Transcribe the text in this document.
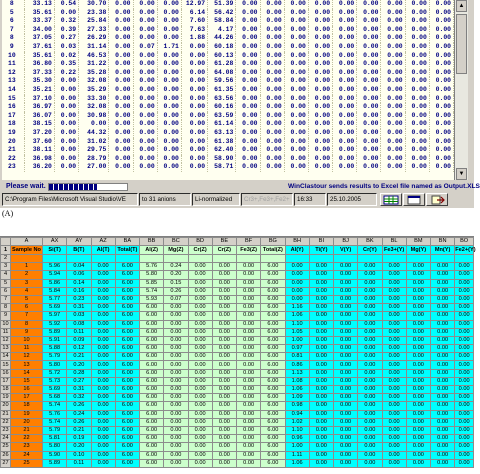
8	33.13	0.54	30.70	0.00	0.00	0.00	12.97	51.39	0.00	0.00	0.00	0.00	0.00	0.00	0.00	0.00	0.00
5	35.61	0.00	23.38	0.00	0.00	0.00	6.14	56.42	0.00	0.00	0.00	0.00	0.00	0.00	0.00	0.00	0.00
6	33.37	0.32	25.84	0.00	0.00	0.00	7.60	58.84	0.00	0.00	0.00	0.00	0.00	0.00	0.00	0.00	0.00
7	34.00	0.39	27.33	0.00	0.00	0.00	7.63	4.17	0.00	0.00	0.00	0.00	0.00	0.00	0.00	0.00	0.00
8	37.05	0.27	26.29	0.00	0.00	0.00	1.88	44.26	0.00	0.00	0.00	0.00	0.00	0.00	0.00	0.00	0.00
9	37.61	0.03	31.14	0.00	0.07	1.71	0.00	60.18	0.00	0.00	0.00	0.00	0.00	0.00	0.00	0.00	0.00
10	35.61	0.02	46.53	0.00	0.00	0.00	0.00	60.13	0.00	0.00	0.00	0.00	0.00	0.00	0.00	0.00	0.00
11	36.80	0.35	31.22	0.00	0.00	0.00	0.00	61.28	0.00	0.00	0.00	0.00	0.00	0.00	0.00	0.00	0.00
12	37.33	0.22	35.28	0.00	0.00	0.00	0.00	64.08	0.00	0.00	0.00	0.00	0.00	0.00	0.00	0.00	0.00
13	35.30	0.00	32.08	0.00	0.00	0.00	0.00	59.56	0.00	0.00	0.00	0.00	0.00	0.00	0.00	0.00	0.00
14	35.21	0.00	35.29	0.00	0.00	0.00	0.00	61.35	0.00	0.00	0.00	0.00	0.00	0.00	0.00	0.00	0.00
15	37.10	0.00	33.30	0.00	0.00	0.00	0.00	63.56	0.00	0.00	0.00	0.00	0.00	0.00	0.00	0.00	0.00
16	36.97	0.00	32.08	0.00	0.00	0.00	0.00	60.16	0.00	0.00	0.00	0.00	0.00	0.00	0.00	0.00	0.00
17	36.07	0.00	30.98	0.00	0.00	0.00	0.00	63.59	0.00	0.00	0.00	0.00	0.00	0.00	0.00	0.00	0.00
18	38.15	0.00	0.00	0.00	0.00	0.00	0.00	61.14	0.00	0.00	0.00	0.00	0.00	0.00	0.00	0.00	0.00
19	37.20	0.00	44.32	0.00	0.00	0.00	0.00	63.13	0.00	0.00	0.00	0.00	0.00	0.00	0.00	0.00	0.00
20	37.60	0.00	31.02	0.00	0.00	0.00	0.00	61.38	0.00	0.00	0.00	0.00	0.00	0.00	0.00	0.00	0.00
21	38.11	0.00	29.75	0.00	0.00	0.00	0.00	62.40	0.00	0.00	0.00	0.00	0.00	0.00	0.00	0.00	0.00
22	36.98	0.00	28.79	0.00	0.00	0.00	0.00	58.90	0.00	0.00	0.00	0.00	0.00	0.00	0.00	0.00	0.00
23	36.20	0.00	27.00	0.00	0.00	0.00	0.00	58.71	0.00	0.00	0.00	0.00	0.00	0.00	0.00	0.00	0.00
▲
▼
Please wait.	WinClastour sends results to Excel file named as Output.XLS
C:\Program Files\Microsoft Visual Studio\VE	to 31 anions	Li-normalized	Cr3+,Fe3+,Fe2+	16:33	25.10.2005
(A)
	A	AX	AY	AZ	BA	BB	BC	BD	BE	BF	BG	BH	BI	BJ	BK	BL	BM	BN	BO
1	Sample No	Si(T)	B(T)	Al(T)	Total(T)	Al(Z)	Mg(Z)	Cr(Z)	Cr(Z)	Fe3(Z)	Total(Z)	Al(Y)	Ti(Y)	V(Y)	Cr(Y)	Fe3+(Y)	Mg(Y)	Mn(Y)	Fe2+(Y)
2																			
3	1	5.96	0.04	0.00	6.00	5.76	0.24	0.00	0.00	0.00	6.00	0.00	0.00	0.00	0.00	0.00	0.00	0.00	0.00
4	2	5.94	0.06	0.00	6.00	5.80	0.20	0.00	0.00	0.00	6.00	0.00	0.00	0.00	0.00	0.00	0.00	0.00	0.00
5	3	5.86	0.14	0.00	6.00	5.85	0.15	0.00	0.00	0.00	6.00	0.00	0.00	0.00	0.00	0.00	0.00	0.00	0.00
6	4	5.84	0.16	0.00	6.00	5.74	0.26	0.00	0.00	0.00	6.00	0.00	0.00	0.00	0.00	0.00	0.00	0.00	0.00
7	5	5.77	0.23	0.00	6.00	5.93	0.07	0.00	0.00	0.00	6.00	0.00	0.00	0.00	0.00	0.00	0.00	0.00	0.00
8	6	5.69	0.31	0.00	6.00	6.00	0.00	0.00	0.00	0.00	6.00	1.16	0.00	0.00	0.00	0.00	0.00	0.00	0.00
9	7	5.97	0.03	0.00	6.00	6.00	0.00	0.00	0.00	0.00	6.00	1.06	0.00	0.00	0.00	0.00	0.00	0.00	0.00
10	8	5.92	0.08	0.00	6.00	6.00	0.00	0.00	0.00	0.00	6.00	1.10	0.00	0.00	0.00	0.00	0.00	0.00	0.00
11	9	5.89	0.11	0.00	6.00	6.00	0.00	0.00	0.00	0.00	6.00	1.05	0.00	0.00	0.00	0.00	0.00	0.00	0.00
12	10	5.91	0.09	0.00	6.00	6.00	0.00	0.00	0.00	0.00	6.00	1.00	0.00	0.00	0.00	0.00	0.00	0.00	0.00
13	11	5.88	0.12	0.00	6.00	6.00	0.00	0.00	0.00	0.00	6.00	0.97	0.00	0.00	0.00	0.00	0.00	0.00	0.00
14	12	5.79	0.21	0.00	6.00	6.00	0.00	0.00	0.00	0.00	6.00	0.81	0.00	0.00	0.00	0.00	0.00	0.00	0.00
15	13	5.80	0.20	0.00	6.00	6.00	0.00	0.00	0.00	0.00	6.00	0.86	0.00	0.00	0.00	0.00	0.00	0.00	0.00
16	14	5.72	0.28	0.00	6.00	6.00	0.00	0.00	0.00	0.00	6.00	1.13	0.00	0.00	0.00	0.00	0.00	0.00	0.00
17	15	5.73	0.27	0.00	6.00	6.00	0.00	0.00	0.00	0.00	6.00	1.08	0.00	0.00	0.00	0.00	0.00	0.00	0.00
18	16	5.69	0.31	0.00	6.00	6.00	0.00	0.00	0.00	0.00	6.00	1.06	0.00	0.00	0.00	0.00	0.00	0.00	0.00
19	17	5.68	0.32	0.00	6.00	6.00	0.00	0.00	0.00	0.00	6.00	1.09	0.00	0.00	0.00	0.00	0.00	0.00	0.00
20	18	5.74	0.26	0.00	6.00	6.00	0.00	0.00	0.00	0.00	6.00	0.98	0.00	0.00	0.00	0.00	0.00	0.00	0.00
21	19	5.76	0.24	0.00	6.00	6.00	0.00	0.00	0.00	0.00	6.00	0.94	0.00	0.00	0.00	0.00	0.00	0.00	0.00
22	20	5.74	0.26	0.00	6.00	6.00	0.00	0.00	0.00	0.00	6.00	1.02	0.00	0.00	0.00	0.00	0.00	0.00	0.00
23	21	5.79	0.21	0.00	6.00	6.00	0.00	0.00	0.00	0.00	6.00	1.10	0.00	0.00	0.00	0.00	0.00	0.00	0.00
24	22	5.81	0.19	0.00	6.00	6.00	0.00	0.00	0.00	0.00	6.00	0.96	0.00	0.00	0.00	0.00	0.00	0.00	0.00
25	23	5.80	0.20	0.00	6.00	6.00	0.00	0.00	0.00	0.00	6.00	1.00	0.00	0.00	0.00	0.00	0.00	0.00	0.00
26	24	5.90	0.10	0.00	6.00	6.00	0.00	0.00	0.00	0.00	6.00	1.11	0.00	0.00	0.00	0.00	0.00	0.00	0.00
27	25	5.89	0.11	0.00	6.00	6.00	0.00	0.00	0.00	0.00	6.00	1.06	0.00	0.00	0.00	0.00	0.00	0.00	0.00
